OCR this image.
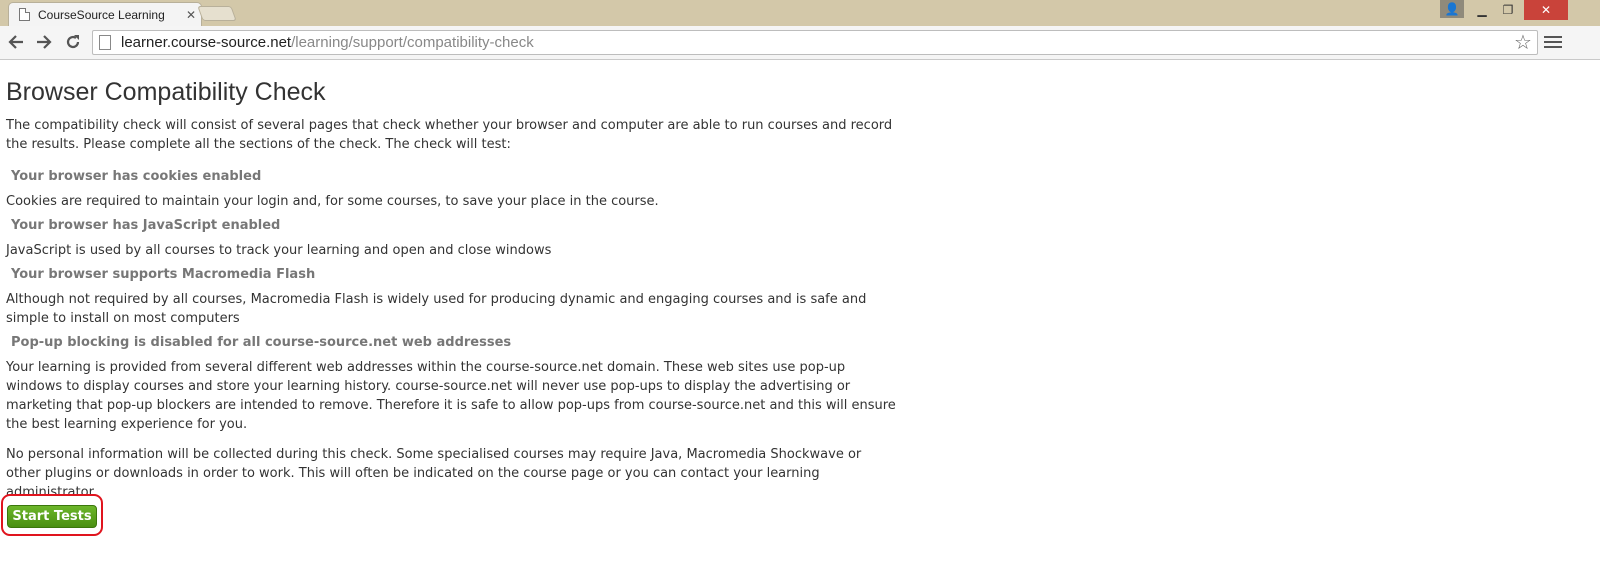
CourseSource Learning	✕	👤	▁	❐	✕
learner.course-source.net /learning/support/compatibility-check	☆
Browser Compatibility Check

The compatibility check will consist of several pages that check whether your browser and computer are able to run courses and record the results. Please complete all the sections of the check. The check will test:

Your browser has cookies enabled

Cookies are required to maintain your login and, for some courses, to save your place in the course.

Your browser has JavaScript enabled

JavaScript is used by all courses to track your learning and open and close windows

Your browser supports Macromedia Flash

Although not required by all courses, Macromedia Flash is widely used for producing dynamic and engaging courses and is safe and simple to install on most computers

Pop-up blocking is disabled for all course-source.net web addresses

Your learning is provided from several different web addresses within the course-source.net domain. These web sites use pop-up windows to display courses and store your learning history. course-source.net will never use pop-ups to display the advertising or marketing that pop-up blockers are intended to remove. Therefore it is safe to allow pop-ups from course-source.net and this will ensure the best learning experience for you.

No personal information will be collected during this check. Some specialised courses may require Java, Macromedia Shockwave or other plugins or downloads in order to work. This will often be indicated on the course page or you can contact your learning administrator.

Start Tests
